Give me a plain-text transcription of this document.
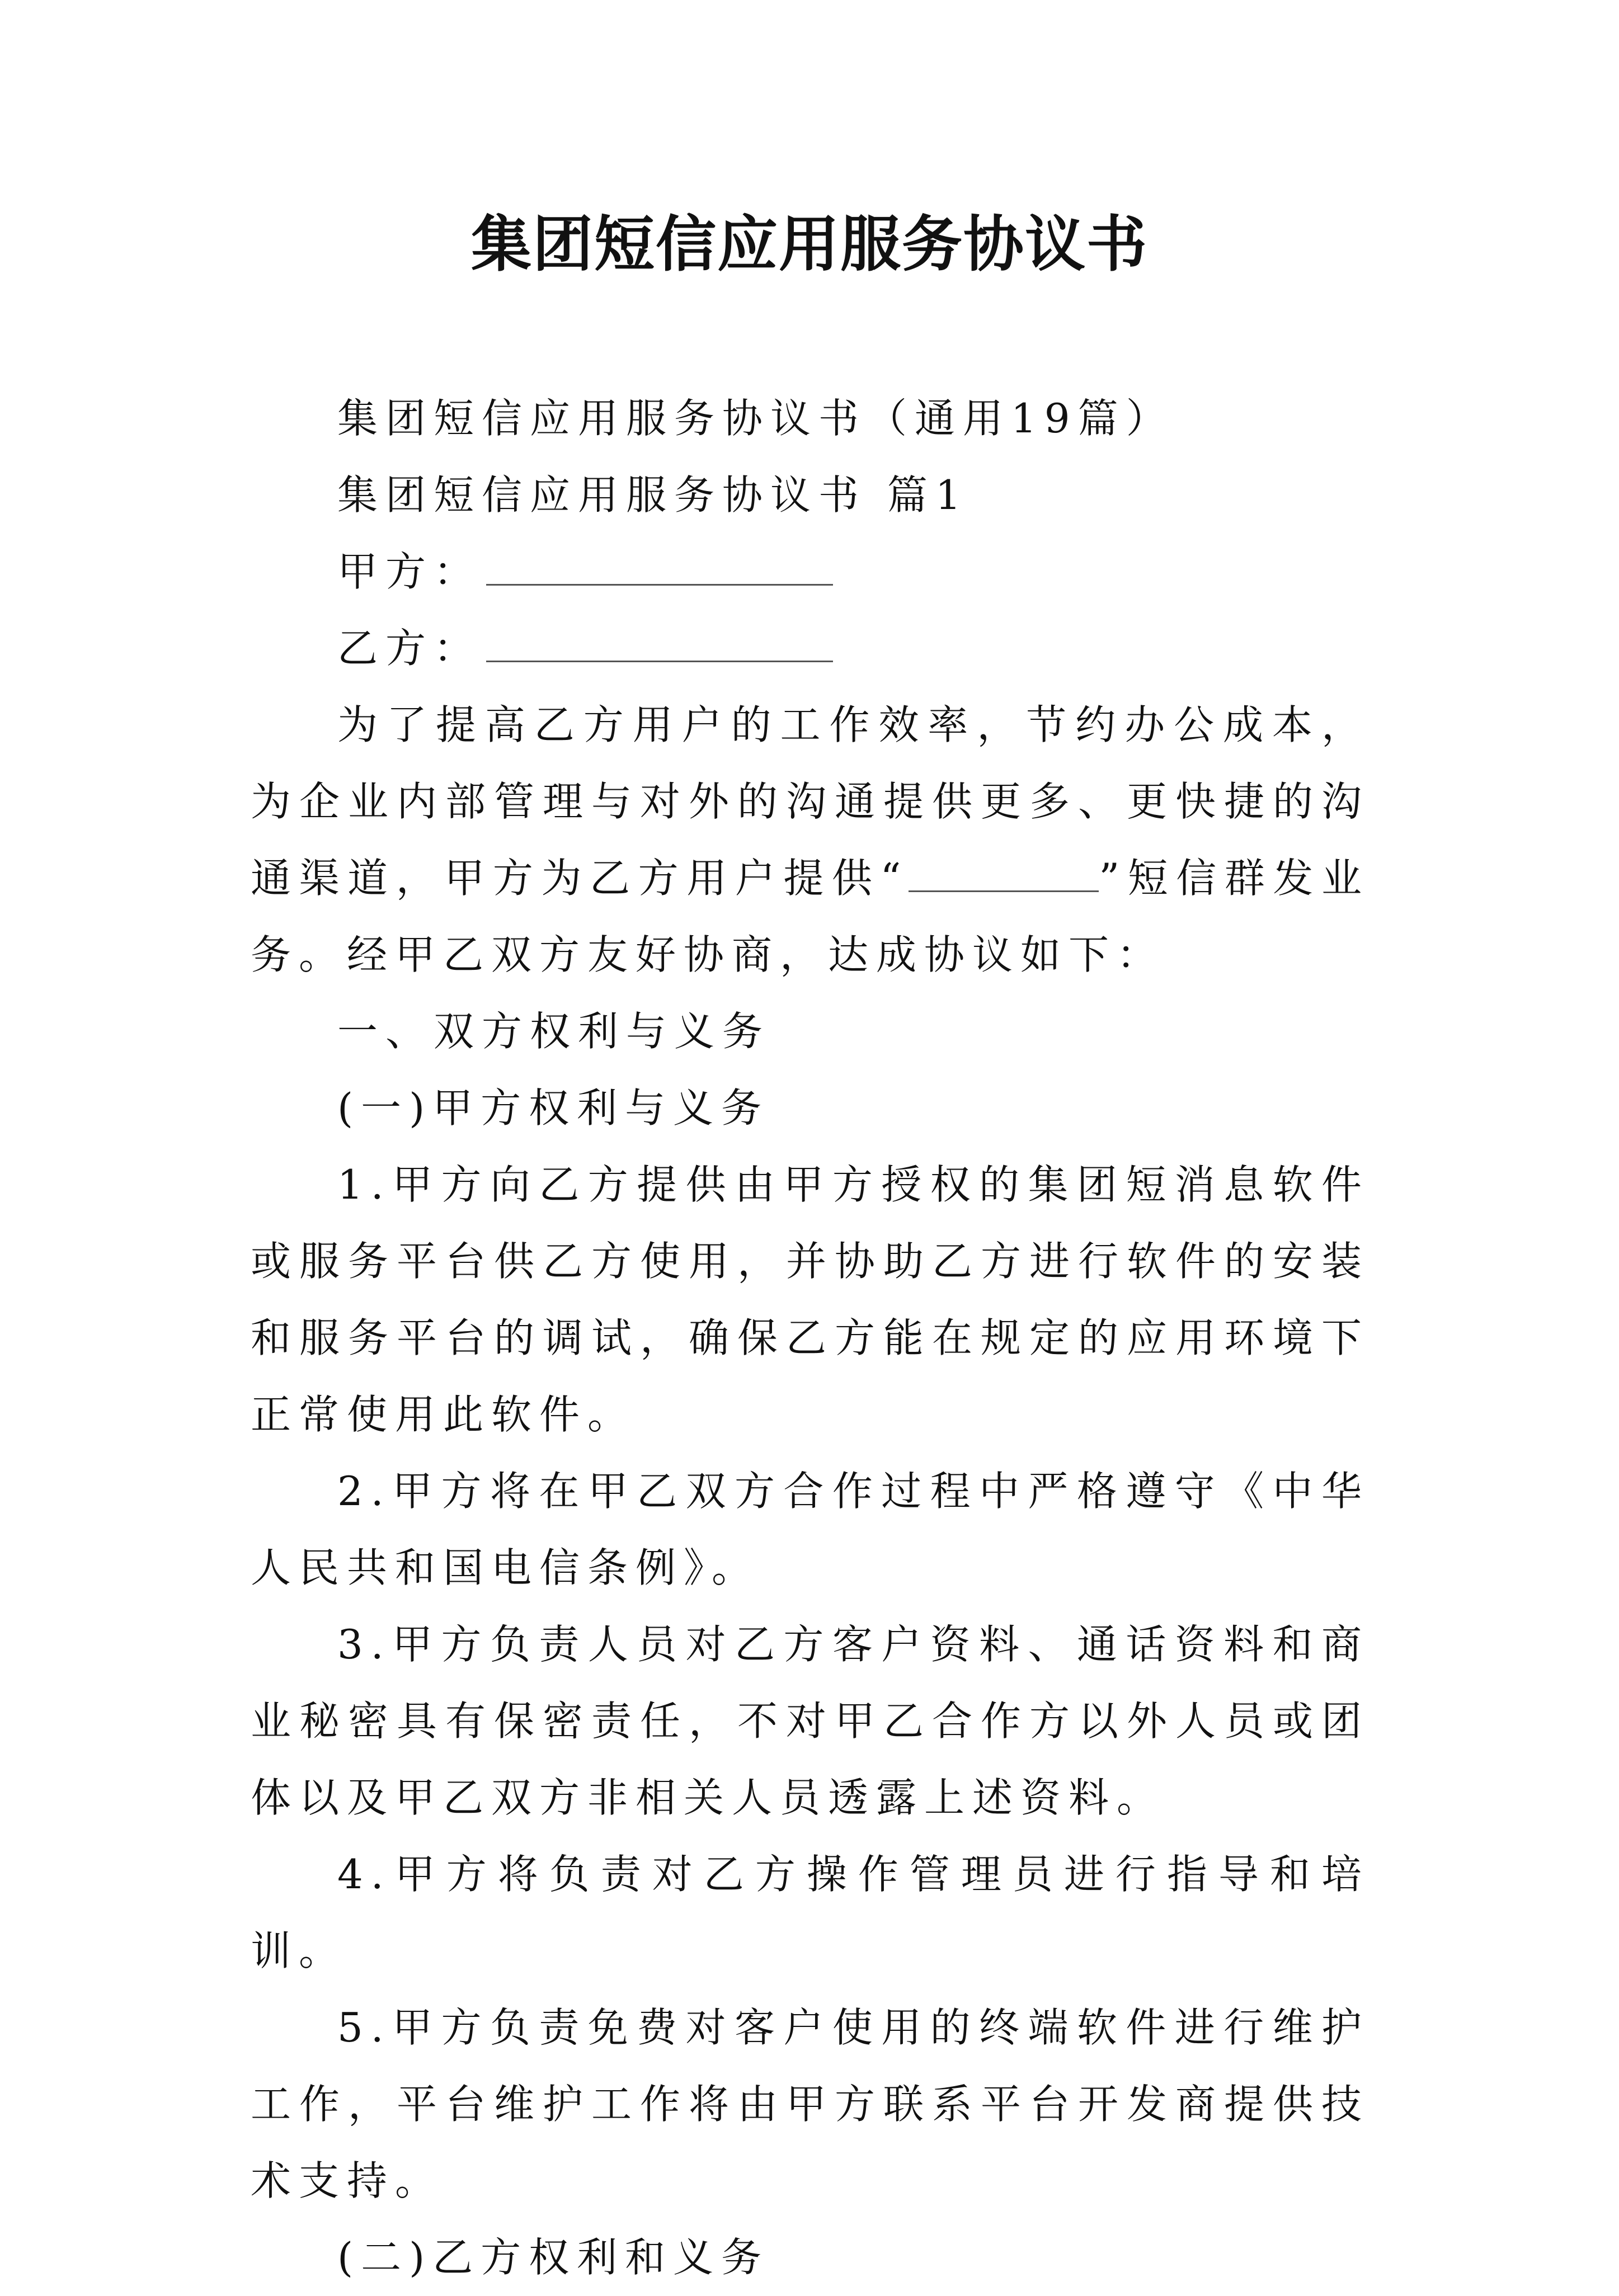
集团短信应用服务协议书

集团短信应用服务协议书（通用19篇）

集团短信应用服务协议书 篇1

甲方：

乙方：

为了提高乙方用户的工作效率，节约办公成本，为企业内部管理与对外的沟通提供更多、更快捷的沟通渠道，甲方为乙方用户提供“	”短信群发业务。经甲乙双方友好协商，达成协议如下：

一、双方权利与义务

(一)甲方权利与义务

1.甲方向乙方提供由甲方授权的集团短消息软件或服务平台供乙方使用，并协助乙方进行软件的安装和服务平台的调试，确保乙方能在规定的应用环境下正常使用此软件。

2.甲方将在甲乙双方合作过程中严格遵守《中华人民共和国电信条例》。

3.甲方负责人员对乙方客户资料、通话资料和商业秘密具有保密责任，不对甲乙合作方以外人员或团体以及甲乙双方非相关人员透露上述资料。

4.甲方将负责对乙方操作管理员进行指导和培训。

5.甲方负责免费对客户使用的终端软件进行维护工作，平台维护工作将由甲方联系平台开发商提供技术支持。

(二)乙方权利和义务
